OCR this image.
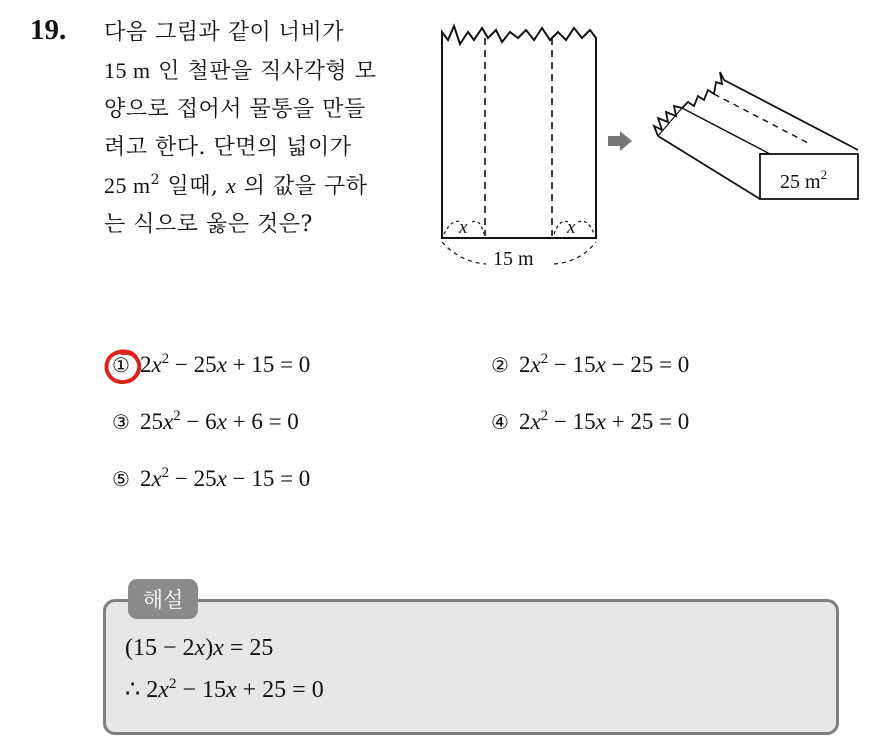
19. 다음 그림과 같이 너비가
15 m 인 철판을 직사각형 모
양으로 접어서 물통을 만들
려고 한다. 단면의 넓이가
25 $m^2$ 일때, x 의 값을 구하
는 식으로 옳은 것은?	x	x
15 m
25 $m^2$
① $2x^2 - 25x + 15 = 0$	② $2x^2 - 15x - 25 = 0$
③ $25x^2 - 6x + 6 = 0$	④ $2x^2 - 15x + 25 = 0$
⑤ $2x^2 - 25x - 15 = 0$
해설
(15 − 2x)x = 25
∴ $2x^2 - 15x + 25 = 0$
